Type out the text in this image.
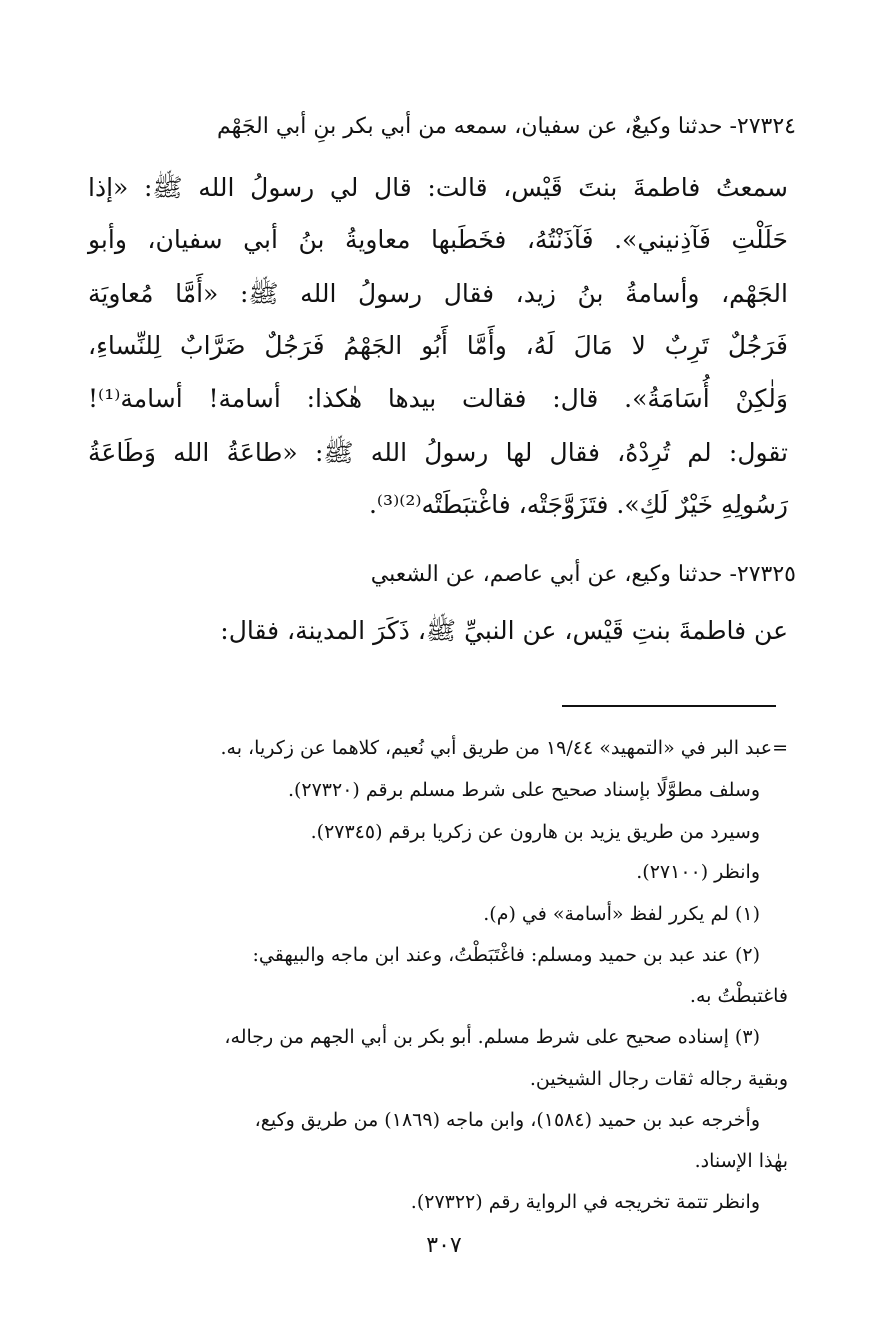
٢٧٣٢٤- حدثنا وكيعٌ، عن سفيان، سمعه من أبي بكر بنِ أبي الجَهْم
سمعتُ فاطمةَ بنتَ قَيْس، قالت: قال لي رسولُ الله ﷺ: «إذا
حَلَلْتِ فَآذِنيني». فَآذَنْتُهُ، فخَطَبها معاويةُ بنُ أبي سفيان، وأبو
الجَهْم، وأسامةُ بنُ زيد، فقال رسولُ الله ﷺ: «أَمَّا مُعاويَة
فَرَجُلٌ تَرِبٌ لا مَالَ لَهُ، وأَمَّا أَبُو الجَهْمُ فَرَجُلٌ ضَرَّابٌ لِلنِّساءِ،
وَلٰكِنْ أُسَامَةُ». قال: فقالت بيدها هٰكذا: أسامة! أسامة⁽¹⁾!
تقول: لم تُرِدْهُ، فقال لها رسولُ الله ﷺ: «طاعَةُ الله وَطَاعَةُ
رَسُولِهِ خَيْرٌ لَكِ». فتَزَوَّجَتْه، فاغْتبَطَتْه⁽²⁾⁽³⁾.
٢٧٣٢٥- حدثنا وكيع، عن أبي عاصم، عن الشعبي
عن فاطمةَ بنتِ قَيْس، عن النبيِّ ﷺ، ذَكَرَ المدينة، فقال:
=عبد البر في «التمهيد» ١٩/٤٤ من طريق أبي نُعيم، كلاهما عن زكريا، به.
وسلف مطوَّلًا بإسناد صحيح على شرط مسلم برقم (٢٧٣٢٠).
وسيرد من طريق يزيد بن هارون عن زكريا برقم (٢٧٣٤٥).
وانظر (٢٧١٠٠).
(١) لم يكرر لفظ «أسامة» في (م).
(٢) عند عبد بن حميد ومسلم: فاغْتَبَطْتُ، وعند ابن ماجه والبيهقي:
فاغتبطْتُ به.
(٣) إسناده صحيح على شرط مسلم. أبو بكر بن أبي الجهم من رجاله،
وبقية رجاله ثقات رجال الشيخين.
وأخرجه عبد بن حميد (١٥٨٤)، وابن ماجه (١٨٦٩) من طريق وكيع،
بهٰذا الإسناد.
وانظر تتمة تخريجه في الرواية رقم (٢٧٣٢٢).
٣٠٧
